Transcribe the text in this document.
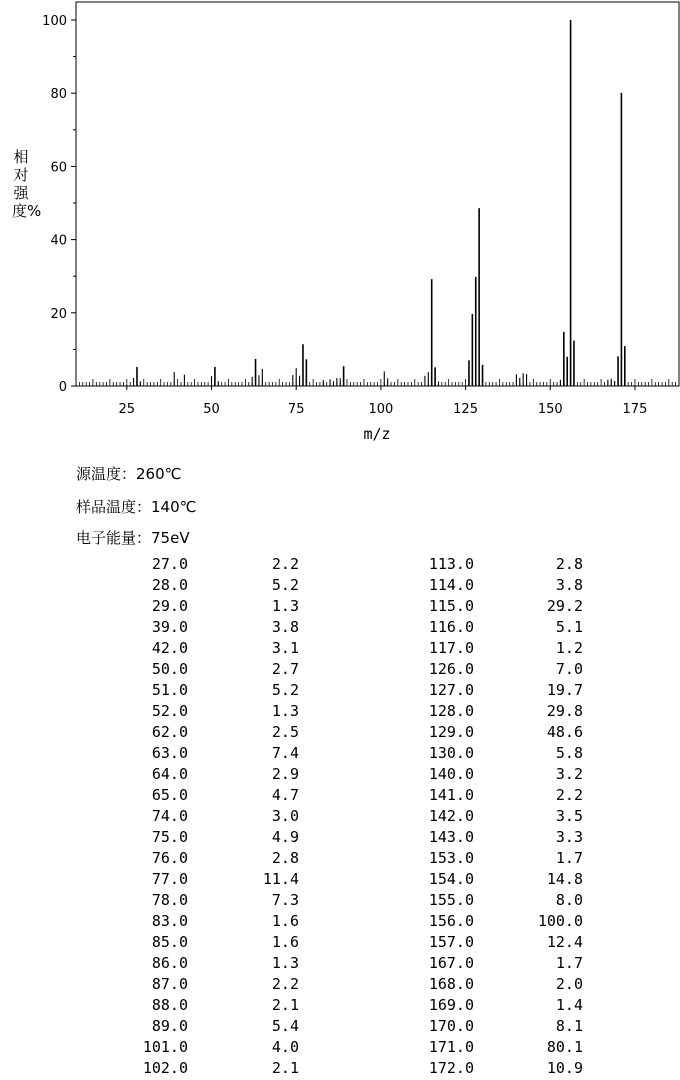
0
20
40
60
80
100
25	50	75	100	125	150	175
m/z
相对强度%
源温度：260℃
样品温度：140℃
电子能量：75eV
27.0	2.2	113.0	2.8
28.0	5.2	114.0	3.8
29.0	1.3	115.0	29.2
39.0	3.8	116.0	5.1
42.0	3.1	117.0	1.2
50.0	2.7	126.0	7.0
51.0	5.2	127.0	19.7
52.0	1.3	128.0	29.8
62.0	2.5	129.0	48.6
63.0	7.4	130.0	5.8
64.0	2.9	140.0	3.2
65.0	4.7	141.0	2.2
74.0	3.0	142.0	3.5
75.0	4.9	143.0	3.3
76.0	2.8	153.0	1.7
77.0	11.4	154.0	14.8
78.0	7.3	155.0	8.0
83.0	1.6	156.0	100.0
85.0	1.6	157.0	12.4
86.0	1.3	167.0	1.7
87.0	2.2	168.0	2.0
88.0	2.1	169.0	1.4
89.0	5.4	170.0	8.1
101.0	4.0	171.0	80.1
102.0	2.1	172.0	10.9
